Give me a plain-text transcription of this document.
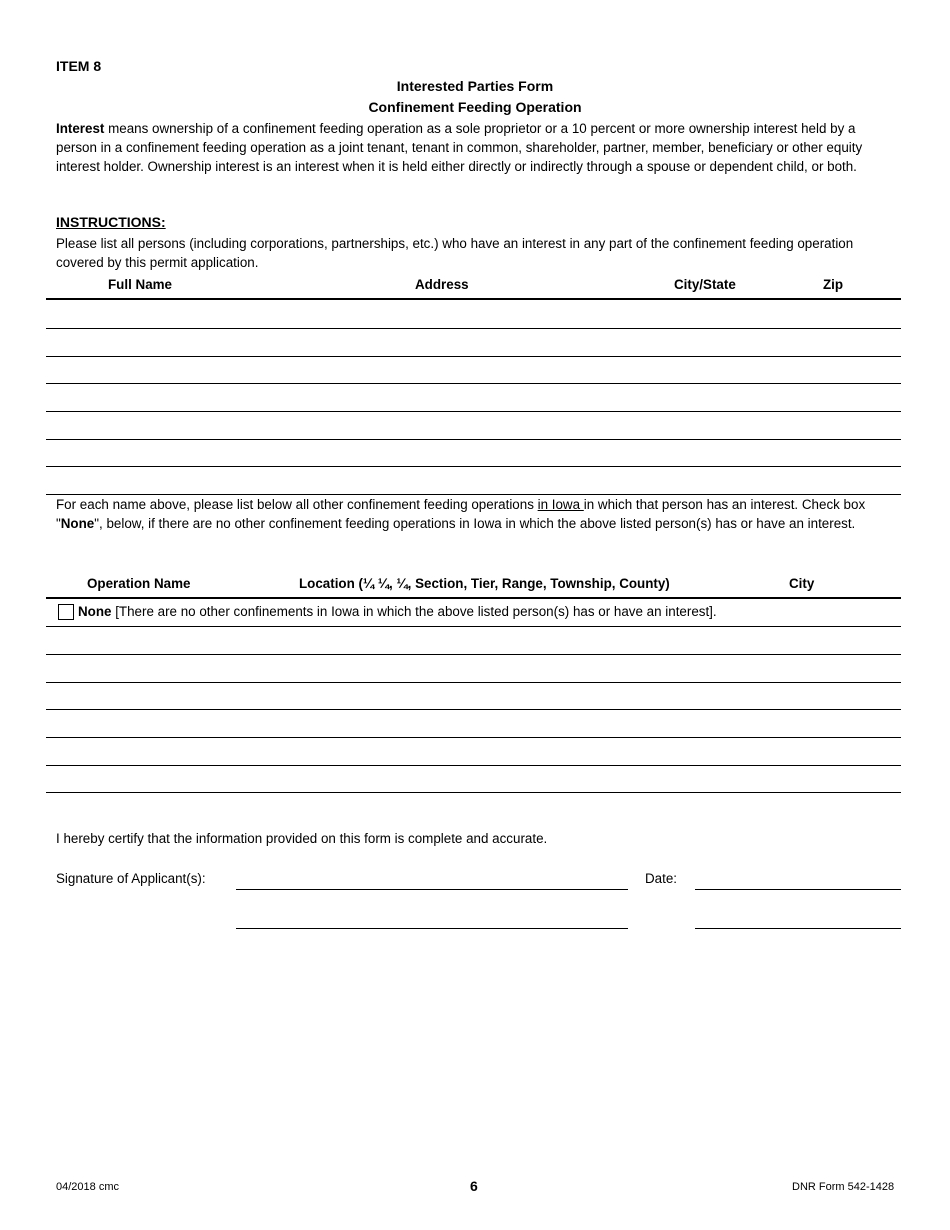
ITEM 8
Interested Parties Form
Confinement Feeding Operation
Interest means ownership of a confinement feeding operation as a sole proprietor or a 10 percent or more ownership interest held by a person in a confinement feeding operation as a joint tenant, tenant in common, shareholder, partner, member, beneficiary or other equity interest holder. Ownership interest is an interest when it is held either directly or indirectly through a spouse or dependent child, or both.
INSTRUCTIONS:
Please list all persons (including corporations, partnerships, etc.) who have an interest in any part of the confinement feeding operation covered by this permit application.
Full Name	Address	City/State	Zip
For each name above, please list below all other confinement feeding operations in Iowa in which that person has an interest. Check box "None", below, if there are no other confinement feeding operations in Iowa in which the above listed person(s) has or have an interest.
Operation Name	Location (¼ ¼, ¼, Section, Tier, Range, Township, County)	City
None [There are no other confinements in Iowa in which the above listed person(s) has or have an interest].
I hereby certify that the information provided on this form is complete and accurate.
Signature of Applicant(s):	Date:
04/2018 cmc	6	DNR Form 542-1428
